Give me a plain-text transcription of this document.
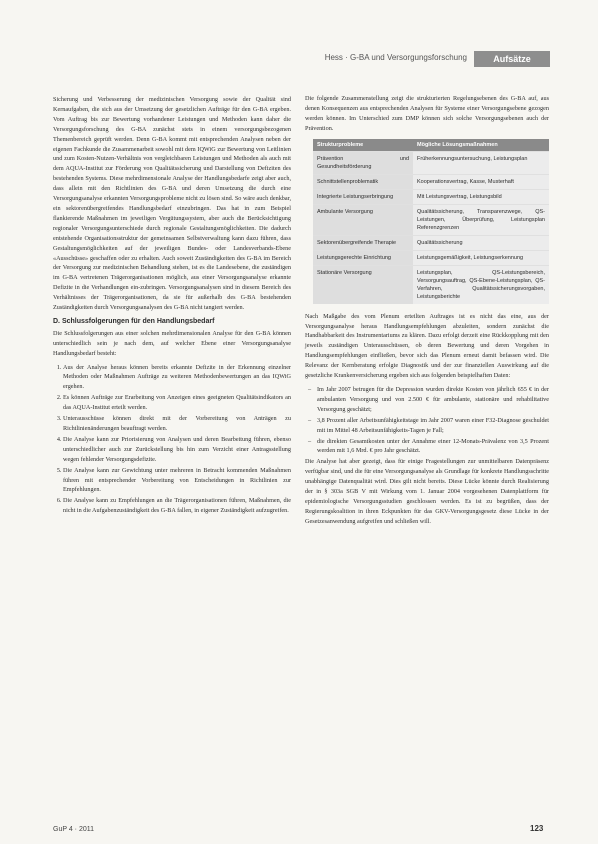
Hess · G-BA und Versorgungsforschung	Aufsätze

Sicherung und Verbesserung der medizinischen Versorgung sowie der Qualität sind Kernaufgaben, die sich aus der Umsetzung der gesetzlichen Aufträge für den G-BA ergeben. Vom Auftrag bis zur Bewertung vorhandener Leistungen und Methoden kann daher die Versorgungsforschung des G-BA zunächst stets in einem versorgungsbezogenen Themenbereich geprüft werden. Denn G-BA kommt mit entsprechenden Analysen neben der eigenen Fachkunde die Zusammenarbeit sowohl mit dem IQWiG zur Bewertung von Leitlinien und zum Kosten-Nutzen-Verhältnis von vergleichbaren Leistungen und Methoden als auch mit dem AQUA-Institut zur Förderung von Qualitätssicherung und Darstellung von Defiziten des bestehenden Systems. Diese mehrdimensionale Analyse der Handlungsbedarfe zeigt aber auch, dass allein mit den Richtlinien des G-BA und deren Umsetzung die durch eine Versorgungsanalyse erkannten Versorgungsprobleme nicht zu lösen sind. So wäre auch denkbar, ein sektorenübergreifendes Handlungsbedarf einzubringen. Das hat in zum Beispiel flankierende Maßnahmen im jeweiligen Vergütungssystem, aber auch die Berücksichtigung regionaler Versorgungsunterschiede durch regionale Gestaltungsmöglichkeiten. Die dadurch entstehende Organisationsstruktur der gemeinsamen Selbstverwaltung kann dazu führen, dass Gestaltungsmöglichkeiten auf der jeweiligen Bundes- oder Landesverbands-Ebene «Ausschüsse» geschaffen oder zu erhalten. Auch soweit Zuständigkeiten des G-BA im Bereich der Versorgung zur medizinischen Behandlung stehen, ist es die Landesebene, die zuständigen im G-BA vertretenen Trägerorganisationen möglich, aus einer Versorgungsanalyse erkannte Defizite in die Verhandlungen ein-zubringen. Versorgungsanalysen sind in diesem Bereich des Verhältnisses der Trägerorganisationen, da sie für außerhalb des G-BA bestehenden Zuständigkeiten durch Versorgungsanalysen des G-BA nicht tangiert werden.

D. Schlussfolgerungen für den Handlungsbedarf

Die Schlussfolgerungen aus einer solchen mehrdimensionalen Analyse für den G-BA können unterschiedlich sein je nach dem, auf welcher Ebene einer Versorgungsanalyse Handlungsbedarf besteht:

1. Aus der Analyse heraus können bereits erkannte Defizite in der Erkennung einzelner Methoden oder Maßnahmen Aufträge zu weiteren Methodenbewertungen an das IQWiG ergehen.
2. Es können Aufträge zur Erarbeitung von Anzeigen eines geeigneten Qualitätsindikators an das AQUA-Institut erteilt werden.
3. Unterausschüsse können direkt mit der Vorbereitung von Anträgen zu Richtlinienänderungen beauftragt werden.
4. Die Analyse kann zur Priorisierung von Analysen und deren Bearbeitung führen, ebenso unterschiedlicher auch zur Zurückstellung bis hin zum Verzicht einer Antragsstellung wegen fehlender Versorgungsdefizite.
5. Die Analyse kann zur Gewichtung unter mehreren in Betracht kommenden Maßnahmen führen mit entsprechender Vorbereitung von Entscheidungen in Richtlinien zur Empfehlungen.
6. Die Analyse kann zu Empfehlungen an die Trägerorganisationen führen, Maßnahmen, die nicht in die Aufgabenzuständigkeit des G-BA fallen, in eigener Zuständigkeit aufzugreifen.

Die folgende Zusammenstellung zeigt die strukturierten Regelungsebenen des G-BA auf, aus denen Konsequenzen aus entsprechenden Analysen für Systeme einer Versorgungsebene gezogen werden können. Im Unterschied zum DMP können sich solche Versorgungsebenen auch der Prävention.

Strukturprobleme	Mögliche Lösungsmaßnahmen
Prävention und Gesundheitsförderung	Früherkennungsuntersuchung, Leistungsplan
Schnittstellenproblematik	Kooperationsvertrag, Kasse, Musterhaft
Integrierte Leistungserbringung	Mit Leistungsvertrag, Leistungsbild
Ambulante Versorgung	Qualitätssicherung, Transparenzwege, QS-Leistungen, Überprüfung, Leistungsplan Referenzgrenzen
Sektorenübergreifende Therapie	Qualitätssicherung
Leistungsgerechte Einrichtung	Leistungsgemäßigkeit, Leistungserkennung
Stationäre Versorgung	Leistungsplan, QS-Leistungsbereich, Versorgungsauftrag, QS-Ebene-Leistungsplan, QS-Verfahren, Qualitätssicherungsvorgaben, Leistungsberichte

Nach Maßgabe des vom Plenum erteilten Auftrages ist es nicht das eine, aus der Versorgungsanalyse heraus Handlungsempfehlungen abzuleiten, sondern zunächst die Handhabbarkeit des Instrumentariums zu klären. Dazu erfolgt derzeit eine Rückkopplung mit den jeweils zuständigen Unterausschüssen, ob deren Bewertung und deren Vorgehen in Handlungsempfehlungen einfließen, bevor sich das Plenum erneut damit befassen wird. Die Relevanz der Kernberatung erfolgte Diagnostik und der zur finanziellen Auswirkung auf die gesetzliche Krankenversicherung ergeben sich aus folgenden beispielhaften Daten:

– Im Jahr 2007 betrugen für die Depression wurden direkte Kosten von jährlich 655 € in der ambulanten Versorgung und von 2.500 € für ambulante, stationäre und rehabilitative Versorgung geschätzt;
– 3,8 Prozent aller Arbeitsunfähigkeitstage im Jahr 2007 waren einer F32-Diagnose geschuldet mit im Mittel 48 Arbeitsunfähigkeits-Tagen je Fall;
– die direkten Gesamtkosten unter der Annahme einer 12-Monats-Prävalenz von 3,5 Prozent werden mit 1,6 Mrd. € pro Jahr geschätzt.

Die Analyse hat aber gezeigt, dass für einige Fragestellungen zur unmittelbaren Datenpräsenz verfügbar sind, und die für eine Versorgungsanalyse als Grundlage für konkrete Handlungsschritte unabhängige Datenqualität wird. Dies gilt nicht bereits. Diese Lücke könnte durch Realisierung der in § 303a SGB V mit Wirkung vom 1. Januar 2004 vorgesehenen Datenplattform für epidemiologische Versorgungsstudien geschlossen werden. Es ist zu begrüßen, dass der Regierungskoalition in ihren Eckpunkten für das GKV-Versorgungsgesetz diese Lücke in der Gesetzesanwendung aufgreifen und schließen will.

GuP 4 · 2011	123
